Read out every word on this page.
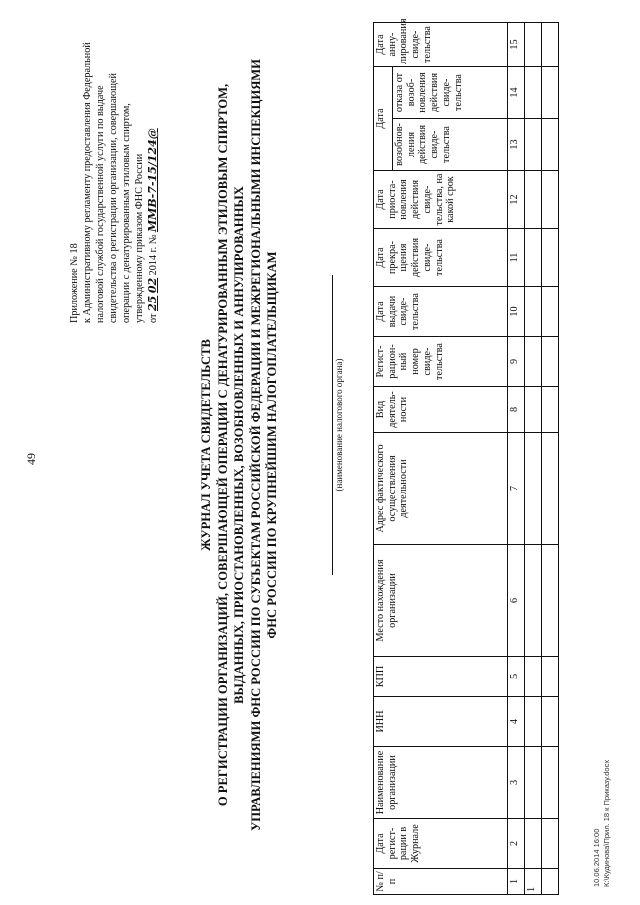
49
Приложение № 18 к Административному регламенту предоставления Федеральной налоговой службой государственной услуги по выдаче свидетельства о регистрации организации, совершающей операции с денатурированным этиловым спиртом, утвержденному приказом ФНС России от 25 02 2014 г. № ММВ-7-15/124@
ЖУРНАЛ УЧЕТА СВИДЕТЕЛЬСТВ О РЕГИСТРАЦИИ ОРГАНИЗАЦИЙ, СОВЕРШАЮЩЕЙ ОПЕРАЦИИ С ДЕНАТУРИРОВАННЫМ ЭТИЛОВЫМ СПИРТОМ, ВЫДАННЫХ, ПРИОСТАНОВЛЕННЫХ, ВОЗОБНОВЛЕННЫХ И АННУЛИРОВАННЫХ УПРАВЛЕНИЯМИ ФНС РОССИИ ПО СУБЪЕКТАМ РОССИЙСКОЙ ФЕДЕРАЦИИ И МЕЖРЕГИОНАЛЬНЫМИ ИНСПЕКЦИЯМИ ФНС РОССИИ ПО КРУПНЕЙШИМ НАЛОГОПЛАТЕЛЬЩИКАМ	(наименование налогового органа)
№ п/п	Дата регист-рации в Журнале	Наименование организации	ИНН	КПП	Место нахождения организации	Адрес фактического осуществления деятельности	Вид деятель-ности	Регист-рацион-ный номер свиде-тельства	Дата выдачи свиде-тельства	Дата прекра-щения действия свиде-тельства	Дата приоста-новления действия свиде-тельства, на какой срок	Дата		Дата анну-лирования свиде-тельства
												возобнов-ления действия свиде-тельства	отказа от возоб-новления действия свиде-тельства	
1	2	3	4	5	6	7	8	9	10	11	12	13	14	15
1														

10.06.2014 16:00 К:\Кудинова\Прил. 18 к Приказу.docx
